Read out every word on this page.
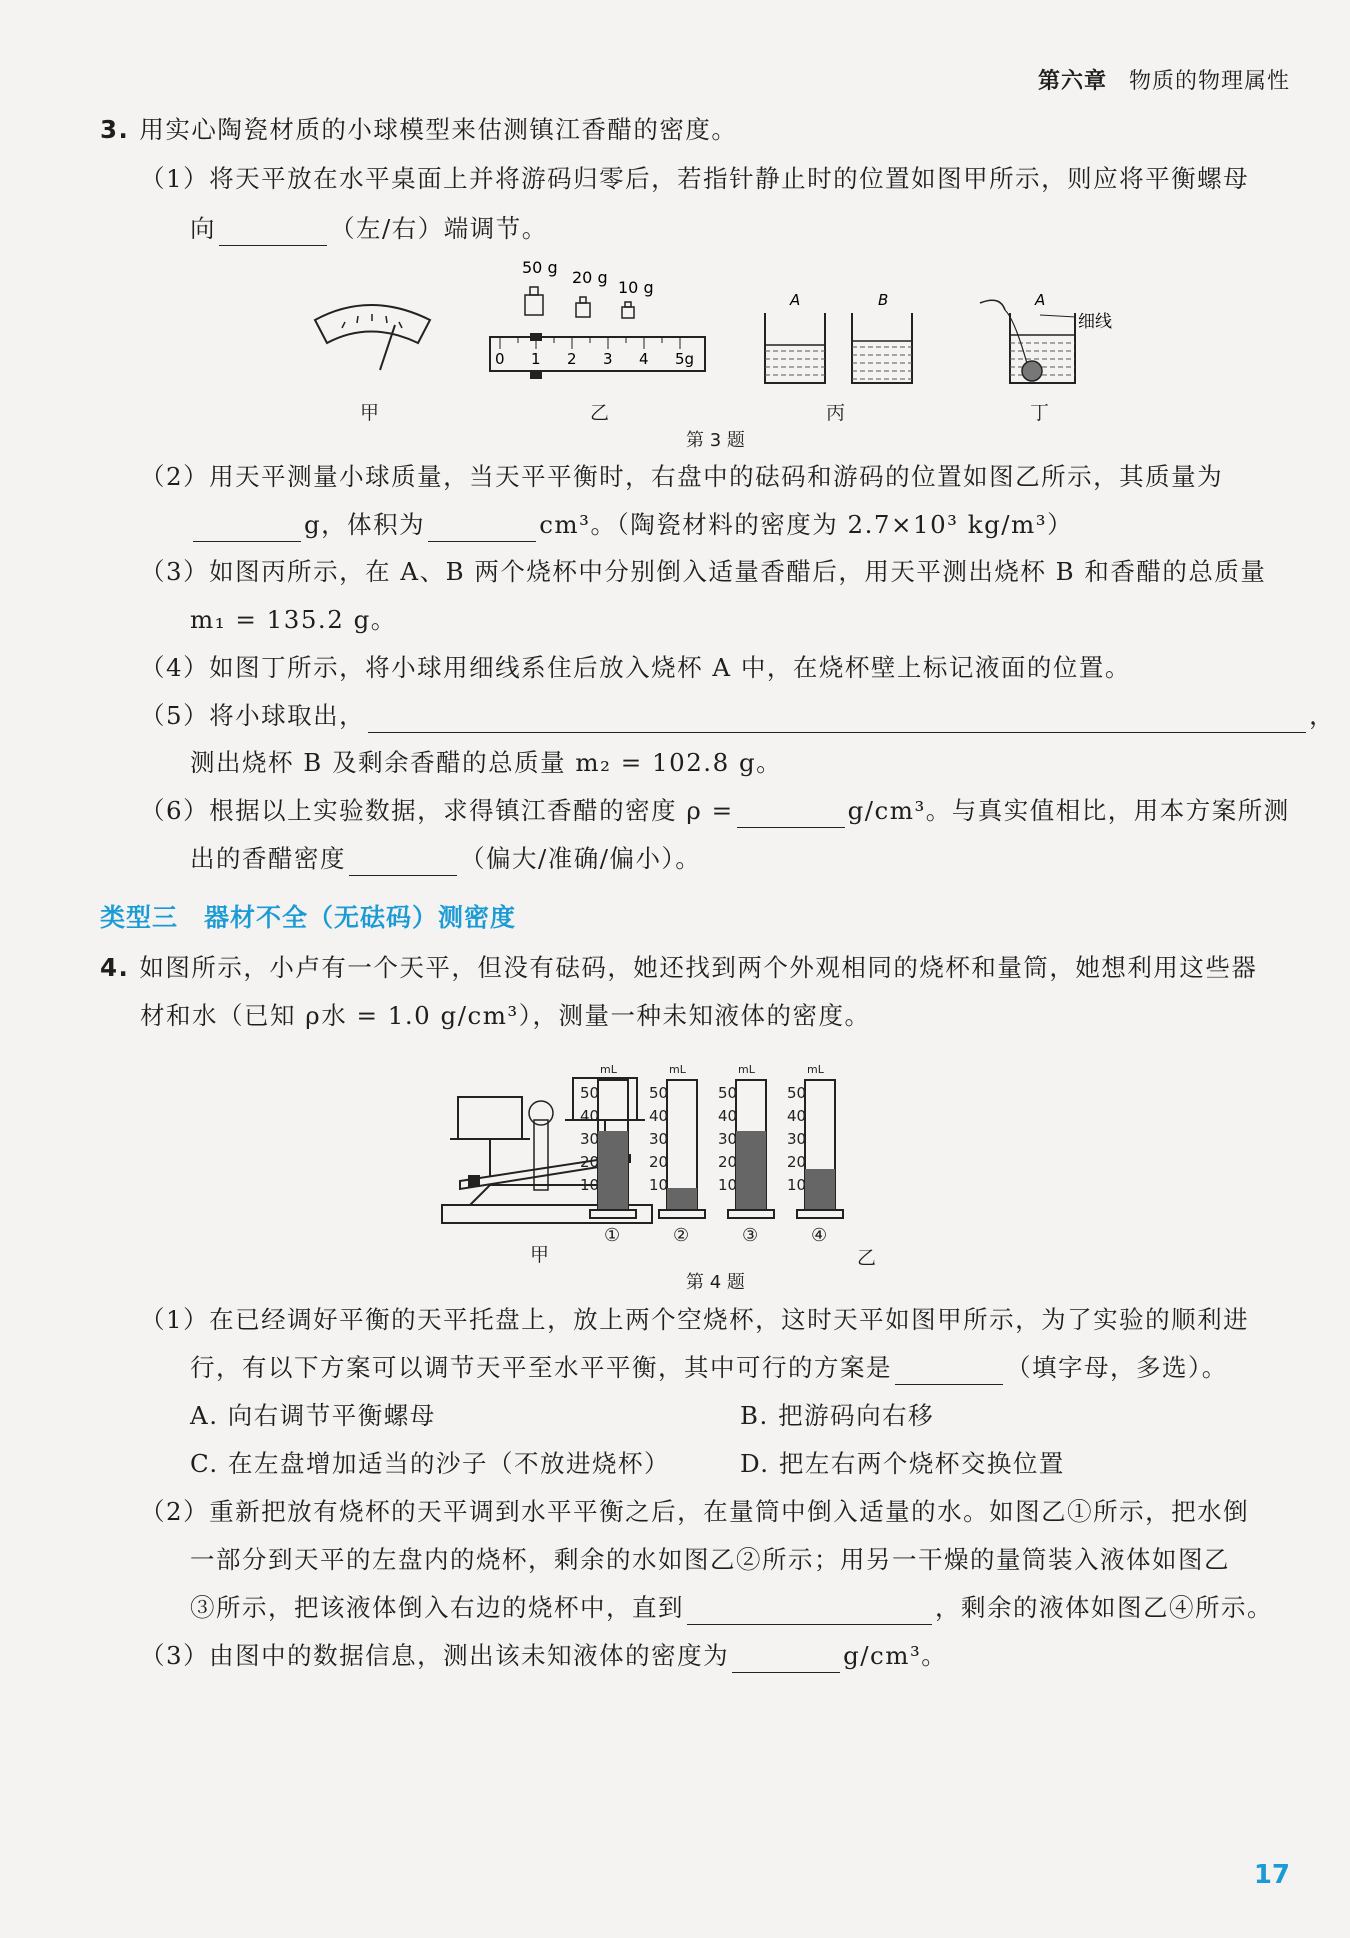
第六章 物质的物理属性
3. 用实心陶瓷材质的小球模型来估测镇江香醋的密度。
（1）将天平放在水平桌面上并将游码归零后，若指针静止时的位置如图甲所示，则应将平衡螺母
向	（左/右）端调节。
50 g
20 g
10 g
0 1 2 3 4 5g
A	B	A
细线
甲	乙	丙	丁
第 3 题
（2）用天平测量小球质量，当天平平衡时，右盘中的砝码和游码的位置如图乙所示，其质量为
g，体积为	cm³。（陶瓷材料的密度为 2.7×10³ kg/m³）
（3）如图丙所示，在 A、B 两个烧杯中分别倒入适量香醋后，用天平测出烧杯 B 和香醋的总质量
m₁ = 135.2 g。
（4）如图丁所示，将小球用细线系住后放入烧杯 A 中，在烧杯壁上标记液面的位置。
（5）将小球取出，	，
测出烧杯 B 及剩余香醋的总质量 m₂ = 102.8 g。
（6）根据以上实验数据，求得镇江香醋的密度 ρ =	g/cm³。与真实值相比，用本方案所测
出的香醋密度	（偏大/准确/偏小）。
类型三　器材不全（无砝码）测密度
4. 如图所示，小卢有一个天平，但没有砝码，她还找到两个外观相同的烧杯和量筒，她想利用这些器
材和水（已知 ρ水 = 1.0 g/cm³），测量一种未知液体的密度。
mL	mL	mL	mL
50
40
30
20
10
50
40
30
20
10
50
40
30
20
10
50
40
30
20
10
①	②	③	④
甲	乙
第 4 题
（1）在已经调好平衡的天平托盘上，放上两个空烧杯，这时天平如图甲所示，为了实验的顺利进
行，有以下方案可以调节天平至水平平衡，其中可行的方案是	（填字母，多选）。
A. 向右调节平衡螺母	B. 把游码向右移
C. 在左盘增加适当的沙子（不放进烧杯）	D. 把左右两个烧杯交换位置
（2）重新把放有烧杯的天平调到水平平衡之后，在量筒中倒入适量的水。如图乙①所示，把水倒
一部分到天平的左盘内的烧杯，剩余的水如图乙②所示；用另一干燥的量筒装入液体如图乙
③所示，把该液体倒入右边的烧杯中，直到	，剩余的液体如图乙④所示。
（3）由图中的数据信息，测出该未知液体的密度为	g/cm³。
17
